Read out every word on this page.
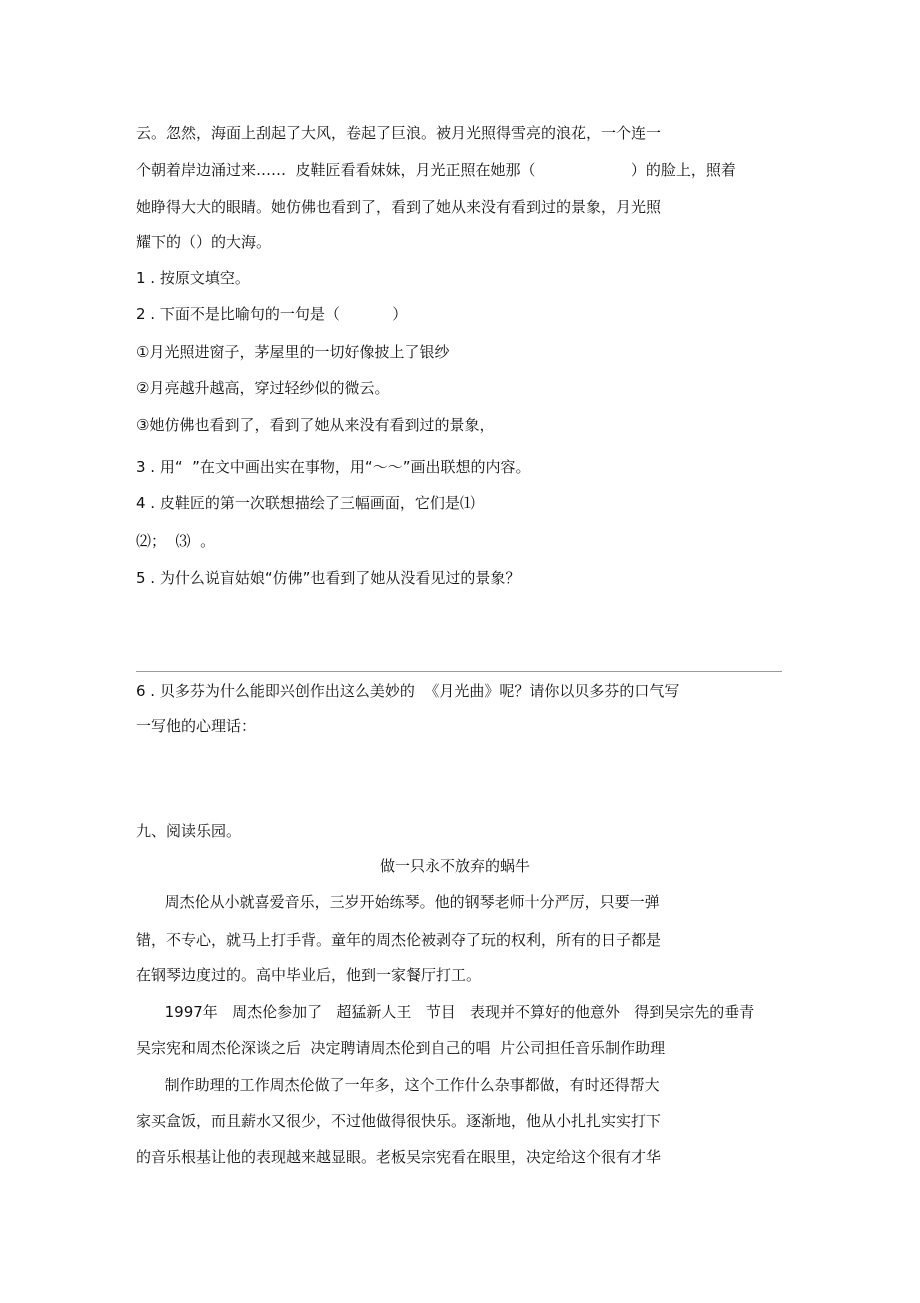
云。忽然，海面上刮起了大风，卷起了巨浪。被月光照得雪亮的浪花，一个连一
个朝着岸边涌过来……  皮鞋匠看看妹妹，月光正照在她那（                    ）的脸上，照着
她睁得大大的眼睛。她仿佛也看到了，看到了她从来没有看到过的景象，月光照
耀下的（）的大海。
1 . 按原文填空。
2 . 下面不是比喻句的一句是（           ）
①月光照进窗子，茅屋里的一切好像披上了银纱
②月亮越升越高，穿过轻纱似的微云。
③她仿佛也看到了，看到了她从来没有看到过的景象，
3 . 用“  ”在文中画出实在事物，用“～～”画出联想的内容。
4 . 皮鞋匠的第一次联想描绘了三幅画面，它们是⑴
⑵；  ⑶  。
5 . 为什么说盲姑娘“仿佛”也看到了她从没看见过的景象？
6 . 贝多芬为什么能即兴创作出这么美妙的  《月光曲》呢？请你以贝多芬的口气写
一写他的心理话：
九、阅读乐园。
做一只永不放弃的蜗牛
周杰伦从小就喜爱音乐，三岁开始练琴。他的钢琴老师十分严厉，只要一弹
错，不专心，就马上打手背。童年的周杰伦被剥夺了玩的权利，所有的日子都是
在钢琴边度过的。高中毕业后，他到一家餐厅打工。
1997年   周杰伦参加了   超猛新人王   节目   表现并不算好的他意外   得到吴宗先的垂青
吴宗宪和周杰伦深谈之后  决定聘请周杰伦到自己的唱  片公司担任音乐制作助理
制作助理的工作周杰伦做了一年多，这个工作什么杂事都做，有时还得帮大
家买盒饭，而且薪水又很少，不过他做得很快乐。逐渐地，他从小扎扎实实打下
的音乐根基让他的表现越来越显眼。老板吴宗宪看在眼里，决定给这个很有才华
